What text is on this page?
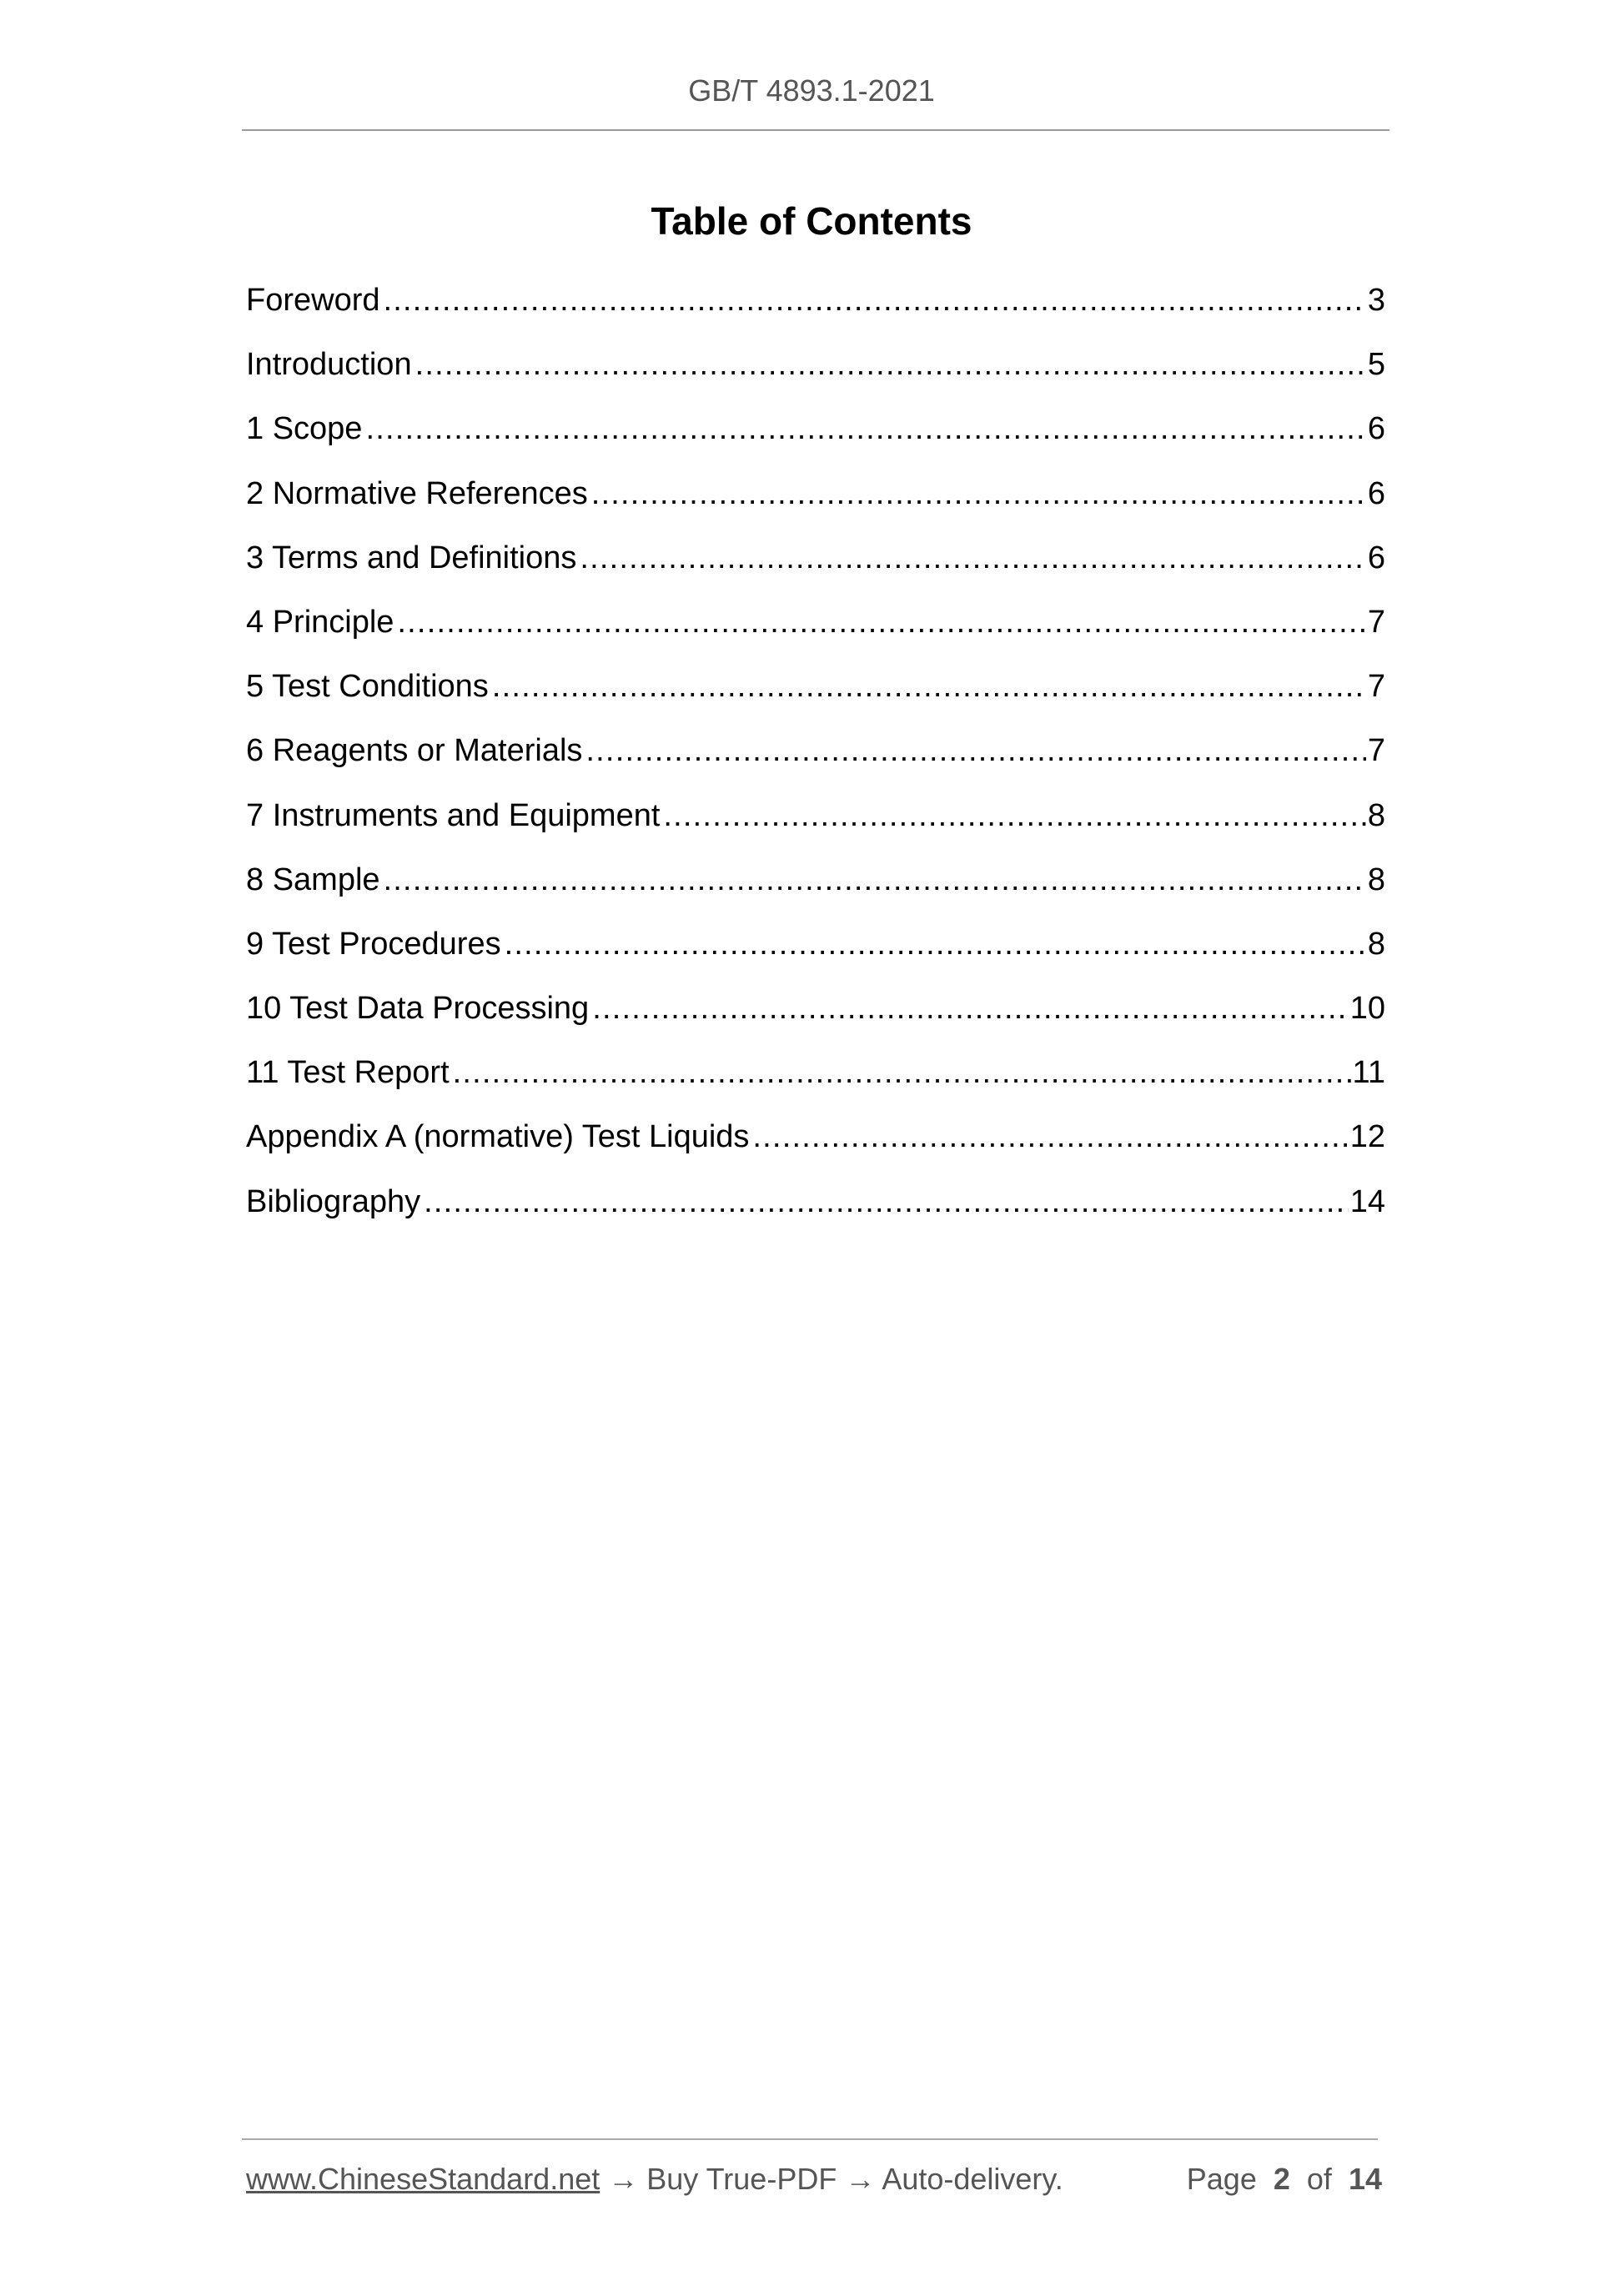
GB/T 4893.1-2021
Table of Contents
Foreword .....	3
Introduction .....	5
1 Scope .....	6
2 Normative References .....	6
3 Terms and Definitions .....	6
4 Principle .....	7
5 Test Conditions .....	7
6 Reagents or Materials .....	7
7 Instruments and Equipment .....	8
8 Sample .....	8
9 Test Procedures .....	8
10 Test Data Processing .....	10
11 Test Report .....	11
Appendix A (normative) Test Liquids .....	12
Bibliography .....	14
www.ChineseStandard.net → Buy True-PDF → Auto-delivery.	Page 2 of 14
